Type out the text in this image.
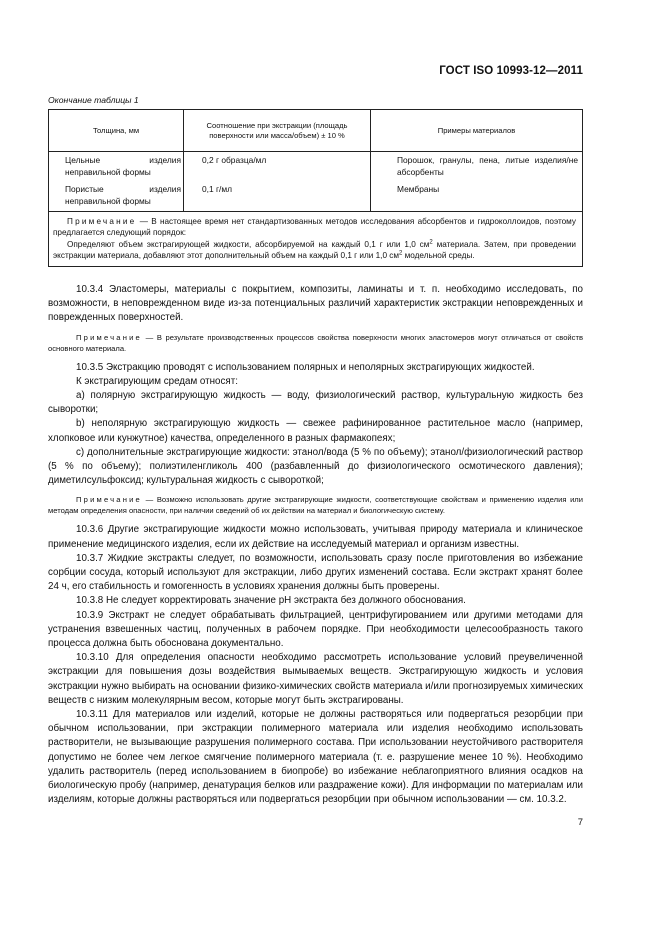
ГОСТ ISO 10993-12—2011
Окончание таблицы 1
Толщина, мм	Соотношение при экстракции (площадь поверхности или масса/объем) ± 10 %	Примеры материалов
Цельные изделия неправильной формы	0,2 г образца/мл	Порошок, гранулы, пена, литые изделия/не абсорбенты
Пористые изделия неправильной формы	0,1 г/мл	Мембраны

Примечание — В настоящее время нет стандартизованных методов исследования абсорбентов и гидроколлоидов, поэтому предлагается следующий порядок:

Определяют объем экстрагирующей жидкости, абсорбируемой на каждый 0,1 г или 1,0 $см^2$ материала. Затем, при проведении экстракции материала, добавляют этот дополнительный объем на каждый 0,1 г или 1,0 $см^2$ модельной среды.		

10.3.4 Эластомеры, материалы с покрытием, композиты, ламинаты и т. п. необходимо исследовать, по возможности, в неповрежденном виде из-за потенциальных различий характеристик экстракции неповрежденных и поврежденных поверхностей.

Примечание — В результате производственных процессов свойства поверхности многих эластомеров могут отличаться от свойств основного материала.

10.3.5 Экстракцию проводят с использованием полярных и неполярных экстрагирующих жидкостей.

К экстрагирующим средам относят:

a) полярную экстрагирующую жидкость — воду, физиологический раствор, культуральную жидкость без сыворотки;

b) неполярную экстрагирующую жидкость — свежее рафинированное растительное масло (например, хлопковое или кунжутное) качества, определенного в разных фармакопеях;

c) дополнительные экстрагирующие жидкости: этанол/вода (5 % по объему); этанол/физиологический раствор (5 % по объему); полиэтиленгликоль 400 (разбавленный до физиологического осмотического давления); диметилсульфоксид; культуральная жидкость с сывороткой;

Примечание — Возможно использовать другие экстрагирующие жидкости, соответствующие свойствам и применению изделия или методам определения опасности, при наличии сведений об их действии на материал и биологическую систему.

10.3.6 Другие экстрагирующие жидкости можно использовать, учитывая природу материала и клиническое применение медицинского изделия, если их действие на исследуемый материал и организм известны.

10.3.7 Жидкие экстракты следует, по возможности, использовать сразу после приготовления во избежание сорбции сосуда, который используют для экстракции, либо других изменений состава. Если экстракт хранят более 24 ч, его стабильность и гомогенность в условиях хранения должны быть проверены.

10.3.8 Не следует корректировать значение pH экстракта без должного обоснования.

10.3.9 Экстракт не следует обрабатывать фильтрацией, центрифугированием или другими методами для устранения взвешенных частиц, полученных в рабочем порядке. При необходимости целесообразность такого процесса должна быть обоснована документально.

10.3.10 Для определения опасности необходимо рассмотреть использование условий преувеличенной экстракции для повышения дозы воздействия вымываемых веществ. Экстрагирующую жидкость и условия экстракции нужно выбирать на основании физико-химических свойств материала и/или прогнозируемых химических веществ с низким молекулярным весом, которые могут быть экстрагированы.

10.3.11 Для материалов или изделий, которые не должны растворяться или подвергаться резорбции при обычном использовании, при экстракции полимерного материала или изделия необходимо использовать растворители, не вызывающие разрушения полимерного состава. При использовании неустойчивого растворителя допустимо не более чем легкое смягчение полимерного материала (т. е. разрушение менее 10 %). Необходимо удалить растворитель (перед использованием в биопробе) во избежание неблагоприятного влияния осадков на биологическую пробу (например, денатурация белков или раздражение кожи). Для информации по материалам или изделиям, которые должны растворяться или подвергаться резорбции при обычном использовании — см. 10.3.2.

7
